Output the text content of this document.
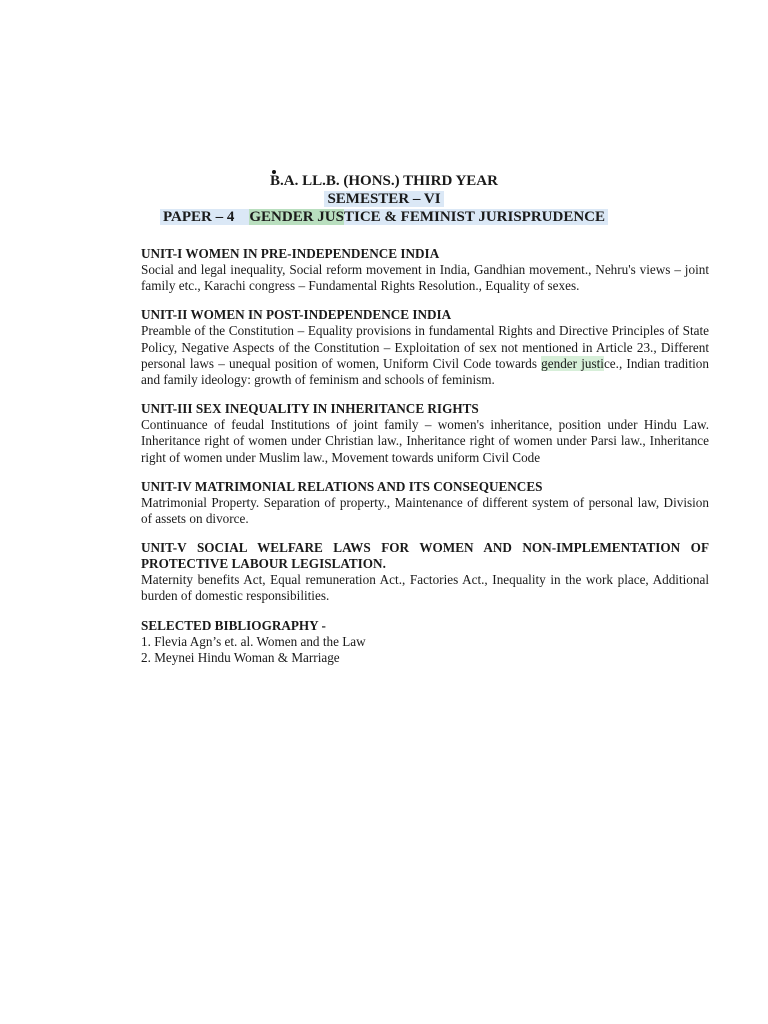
B.A. LL.B. (HONS.) THIRD YEAR
SEMESTER – VI
PAPER – 4 GENDER JUSTICE & FEMINIST JURISPRUDENCE
UNIT-I WOMEN IN PRE-INDEPENDENCE INDIA
Social and legal inequality, Social reform movement in India, Gandhian movement., Nehru's views – joint family etc., Karachi congress – Fundamental Rights Resolution., Equality of sexes.
UNIT-II WOMEN IN POST-INDEPENDENCE INDIA
Preamble of the Constitution – Equality provisions in fundamental Rights and Directive Principles of State Policy, Negative Aspects of the Constitution – Exploitation of sex not mentioned in Article 23., Different personal laws – unequal position of women, Uniform Civil Code towards gender justice., Indian tradition and family ideology: growth of feminism and schools of feminism.
UNIT-III SEX INEQUALITY IN INHERITANCE RIGHTS
Continuance of feudal Institutions of joint family – women's inheritance, position under Hindu Law. Inheritance right of women under Christian law., Inheritance right of women under Parsi law., Inheritance right of women under Muslim law., Movement towards uniform Civil Code
UNIT-IV MATRIMONIAL RELATIONS AND ITS CONSEQUENCES
Matrimonial Property. Separation of property., Maintenance of different system of personal law, Division of assets on divorce.
UNIT-V SOCIAL WELFARE LAWS FOR WOMEN AND NON-IMPLEMENTATION OF PROTECTIVE LABOUR LEGISLATION.
Maternity benefits Act, Equal remuneration Act., Factories Act., Inequality in the work place, Additional burden of domestic responsibilities.
SELECTED BIBLIOGRAPHY -
1. Flevia Agn’s et. al. Women and the Law
2. Meynei Hindu Woman & Marriage
